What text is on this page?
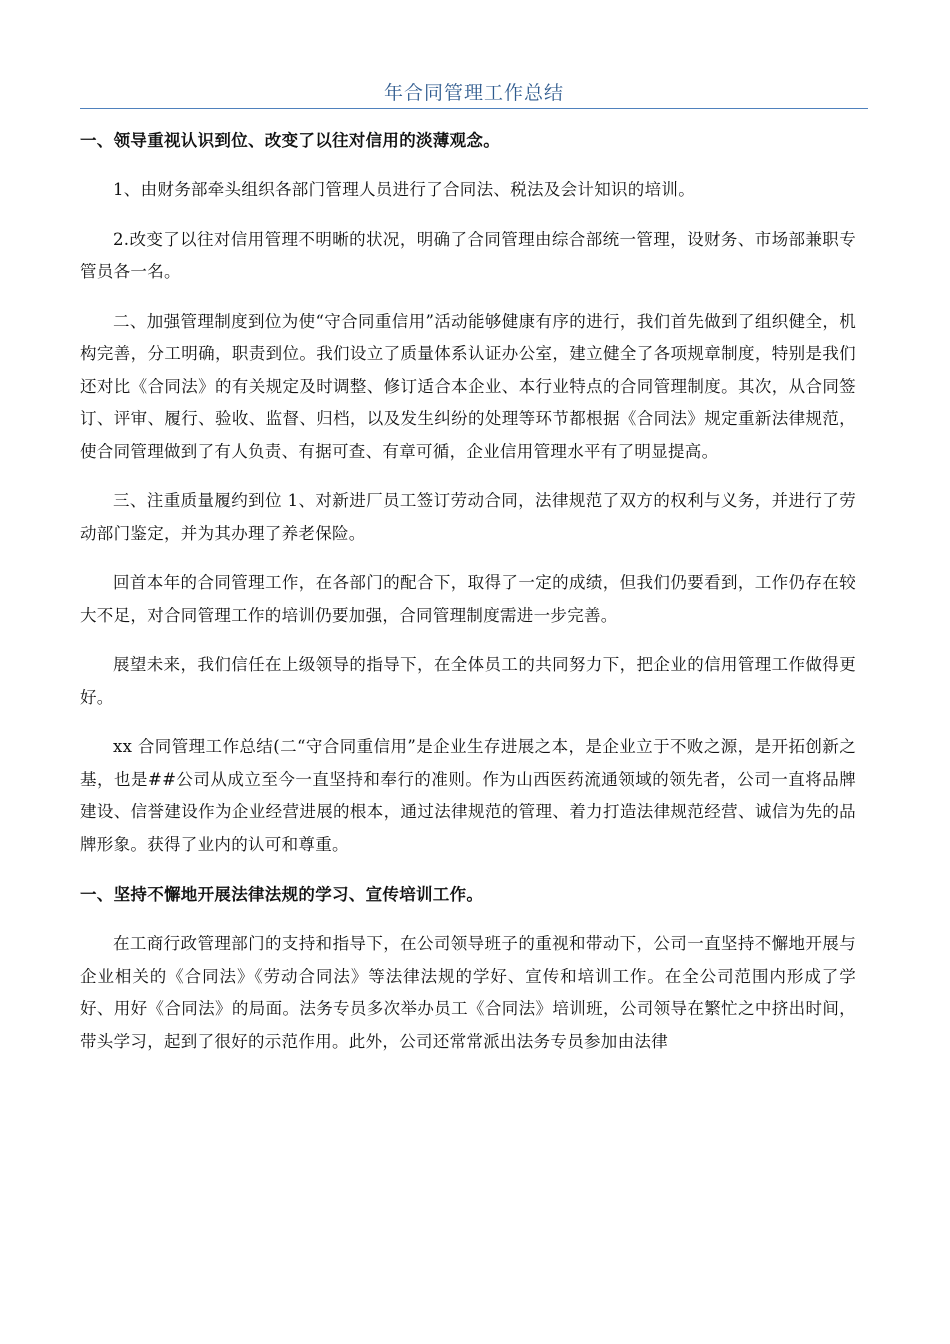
年合同管理工作总结
一、领导重视认识到位、改变了以往对信用的淡薄观念。

1、由财务部牵头组织各部门管理人员进行了合同法、税法及会计知识的培训。

2.改变了以往对信用管理不明晰的状况，明确了合同管理由综合部统一管理，设财务、市场部兼职专管员各一名。

二、加强管理制度到位为使“守合同重信用”活动能够健康有序的进行，我们首先做到了组织健全，机构完善，分工明确，职责到位。我们设立了质量体系认证办公室，建立健全了各项规章制度，特别是我们还对比《合同法》的有关规定及时调整、修订适合本企业、本行业特点的合同管理制度。其次，从合同签订、评审、履行、验收、监督、归档，以及发生纠纷的处理等环节都根据《合同法》规定重新法律规范，使合同管理做到了有人负责、有据可查、有章可循，企业信用管理水平有了明显提高。

三、注重质量履约到位 1、对新进厂员工签订劳动合同，法律规范了双方的权利与义务，并进行了劳动部门鉴定，并为其办理了养老保险。

回首本年的合同管理工作，在各部门的配合下，取得了一定的成绩，但我们仍要看到，工作仍存在较大不足，对合同管理工作的培训仍要加强，合同管理制度需进一步完善。

展望未来，我们信任在上级领导的指导下，在全体员工的共同努力下，把企业的信用管理工作做得更好。

xx 合同管理工作总结(二“守合同重信用”是企业生存进展之本，是企业立于不败之源，是开拓创新之基，也是##公司从成立至今一直坚持和奉行的准则。作为山西医药流通领域的领先者，公司一直将品牌建设、信誉建设作为企业经营进展的根本，通过法律规范的管理、着力打造法律规范经营、诚信为先的品牌形象。获得了业内的认可和尊重。

一、坚持不懈地开展法律法规的学习、宣传培训工作。

在工商行政管理部门的支持和指导下，在公司领导班子的重视和带动下，公司一直坚持不懈地开展与企业相关的《合同法》《劳动合同法》等法律法规的学好、宣传和培训工作。在全公司范围内形成了学好、用好《合同法》的局面。法务专员多次举办员工《合同法》培训班，公司领导在繁忙之中挤出时间，带头学习，起到了很好的示范作用。此外，公司还常常派出法务专员参加由法律
